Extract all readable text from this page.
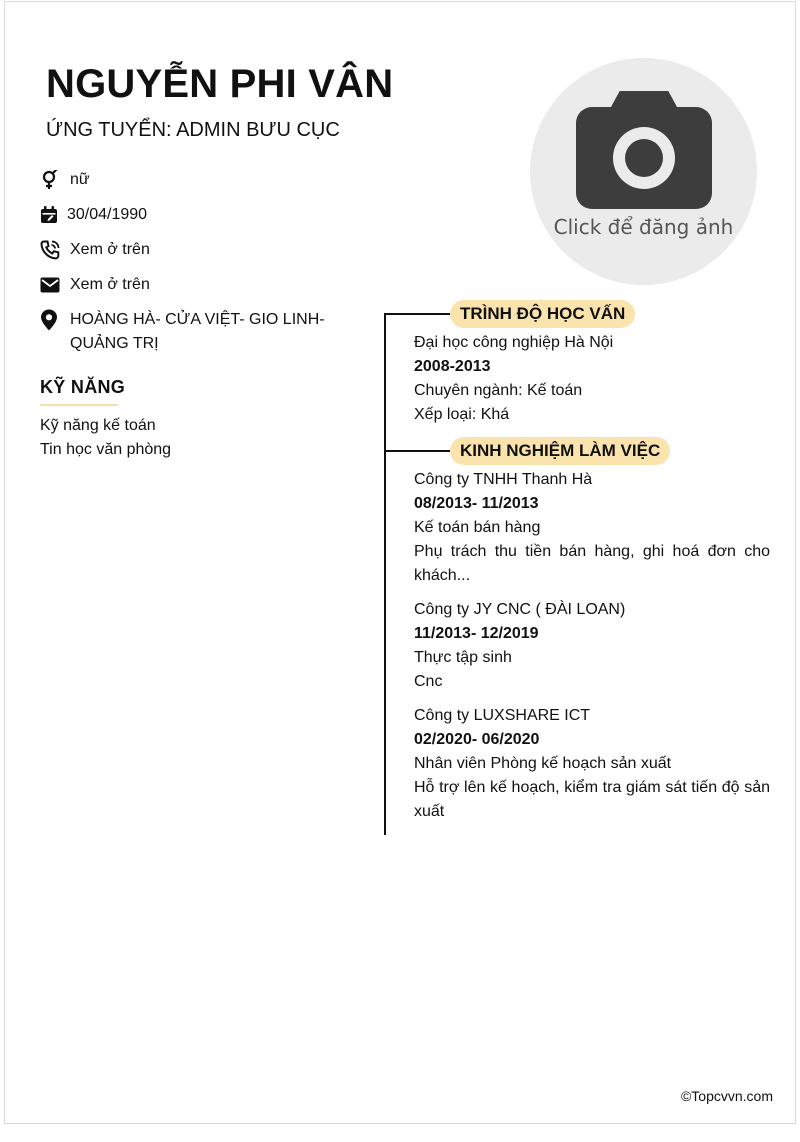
NGUYỄN PHI VÂN
ỨNG TUYỂN: ADMIN BƯU CỤC
Click để đăng ảnh
nữ
30/04/1990
Xem ở trên
Xem ở trên
HOÀNG HÀ- CỬA VIỆT- GIO LINH- QUẢNG TRỊ
KỸ NĂNG
Kỹ năng kế toán
Tin học văn phòng
TRÌNH ĐỘ HỌC VẤN
Đại học công nghiệp Hà Nội
2008-2013
Chuyên ngành: Kế toán
Xếp loại: Khá
KINH NGHIỆM LÀM VIỆC
Công ty TNHH Thanh Hà
08/2013- 11/2013
Kế toán bán hàng
Phụ trách thu tiền bán hàng, ghi hoá đơn cho khách...
Công ty JY CNC ( ĐÀI LOAN)
11/2013- 12/2019
Thực tập sinh
Cnc
Công ty LUXSHARE ICT
02/2020- 06/2020
Nhân viên Phòng kế hoạch sản xuất
Hỗ trợ lên kế hoạch, kiểm tra giám sát tiến độ sản xuất
©Topcvvn.com
